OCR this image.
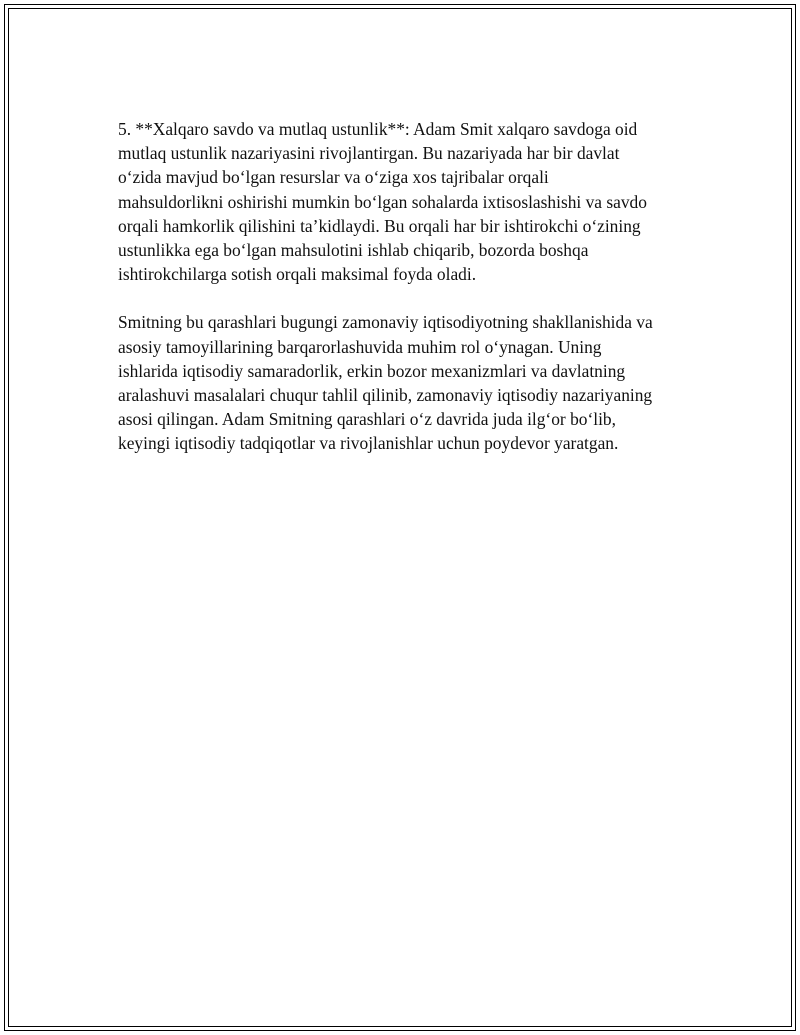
5. **Xalqaro savdo va mutlaq ustunlik**: Adam Smit xalqaro savdoga oid
mutlaq ustunlik nazariyasini rivojlantirgan. Bu nazariyada har bir davlat
o‘zida mavjud bo‘lgan resurslar va o‘ziga xos tajribalar orqali
mahsuldorlikni oshirishi mumkin bo‘lgan sohalarda ixtisoslashishi va savdo
orqali hamkorlik qilishini ta’kidlaydi. Bu orqali har bir ishtirokchi o‘zining
ustunlikka ega bo‘lgan mahsulotini ishlab chiqarib, bozorda boshqa
ishtirokchilarga sotish orqali maksimal foyda oladi.

Smitning bu qarashlari bugungi zamonaviy iqtisodiyotning shakllanishida va
asosiy tamoyillarining barqarorlashuvida muhim rol o‘ynagan. Uning
ishlarida iqtisodiy samaradorlik, erkin bozor mexanizmlari va davlatning
aralashuvi masalalari chuqur tahlil qilinib, zamonaviy iqtisodiy nazariyaning
asosi qilingan. Adam Smitning qarashlari o‘z davrida juda ilg‘or bo‘lib,
keyingi iqtisodiy tadqiqotlar va rivojlanishlar uchun poydevor yaratgan.
